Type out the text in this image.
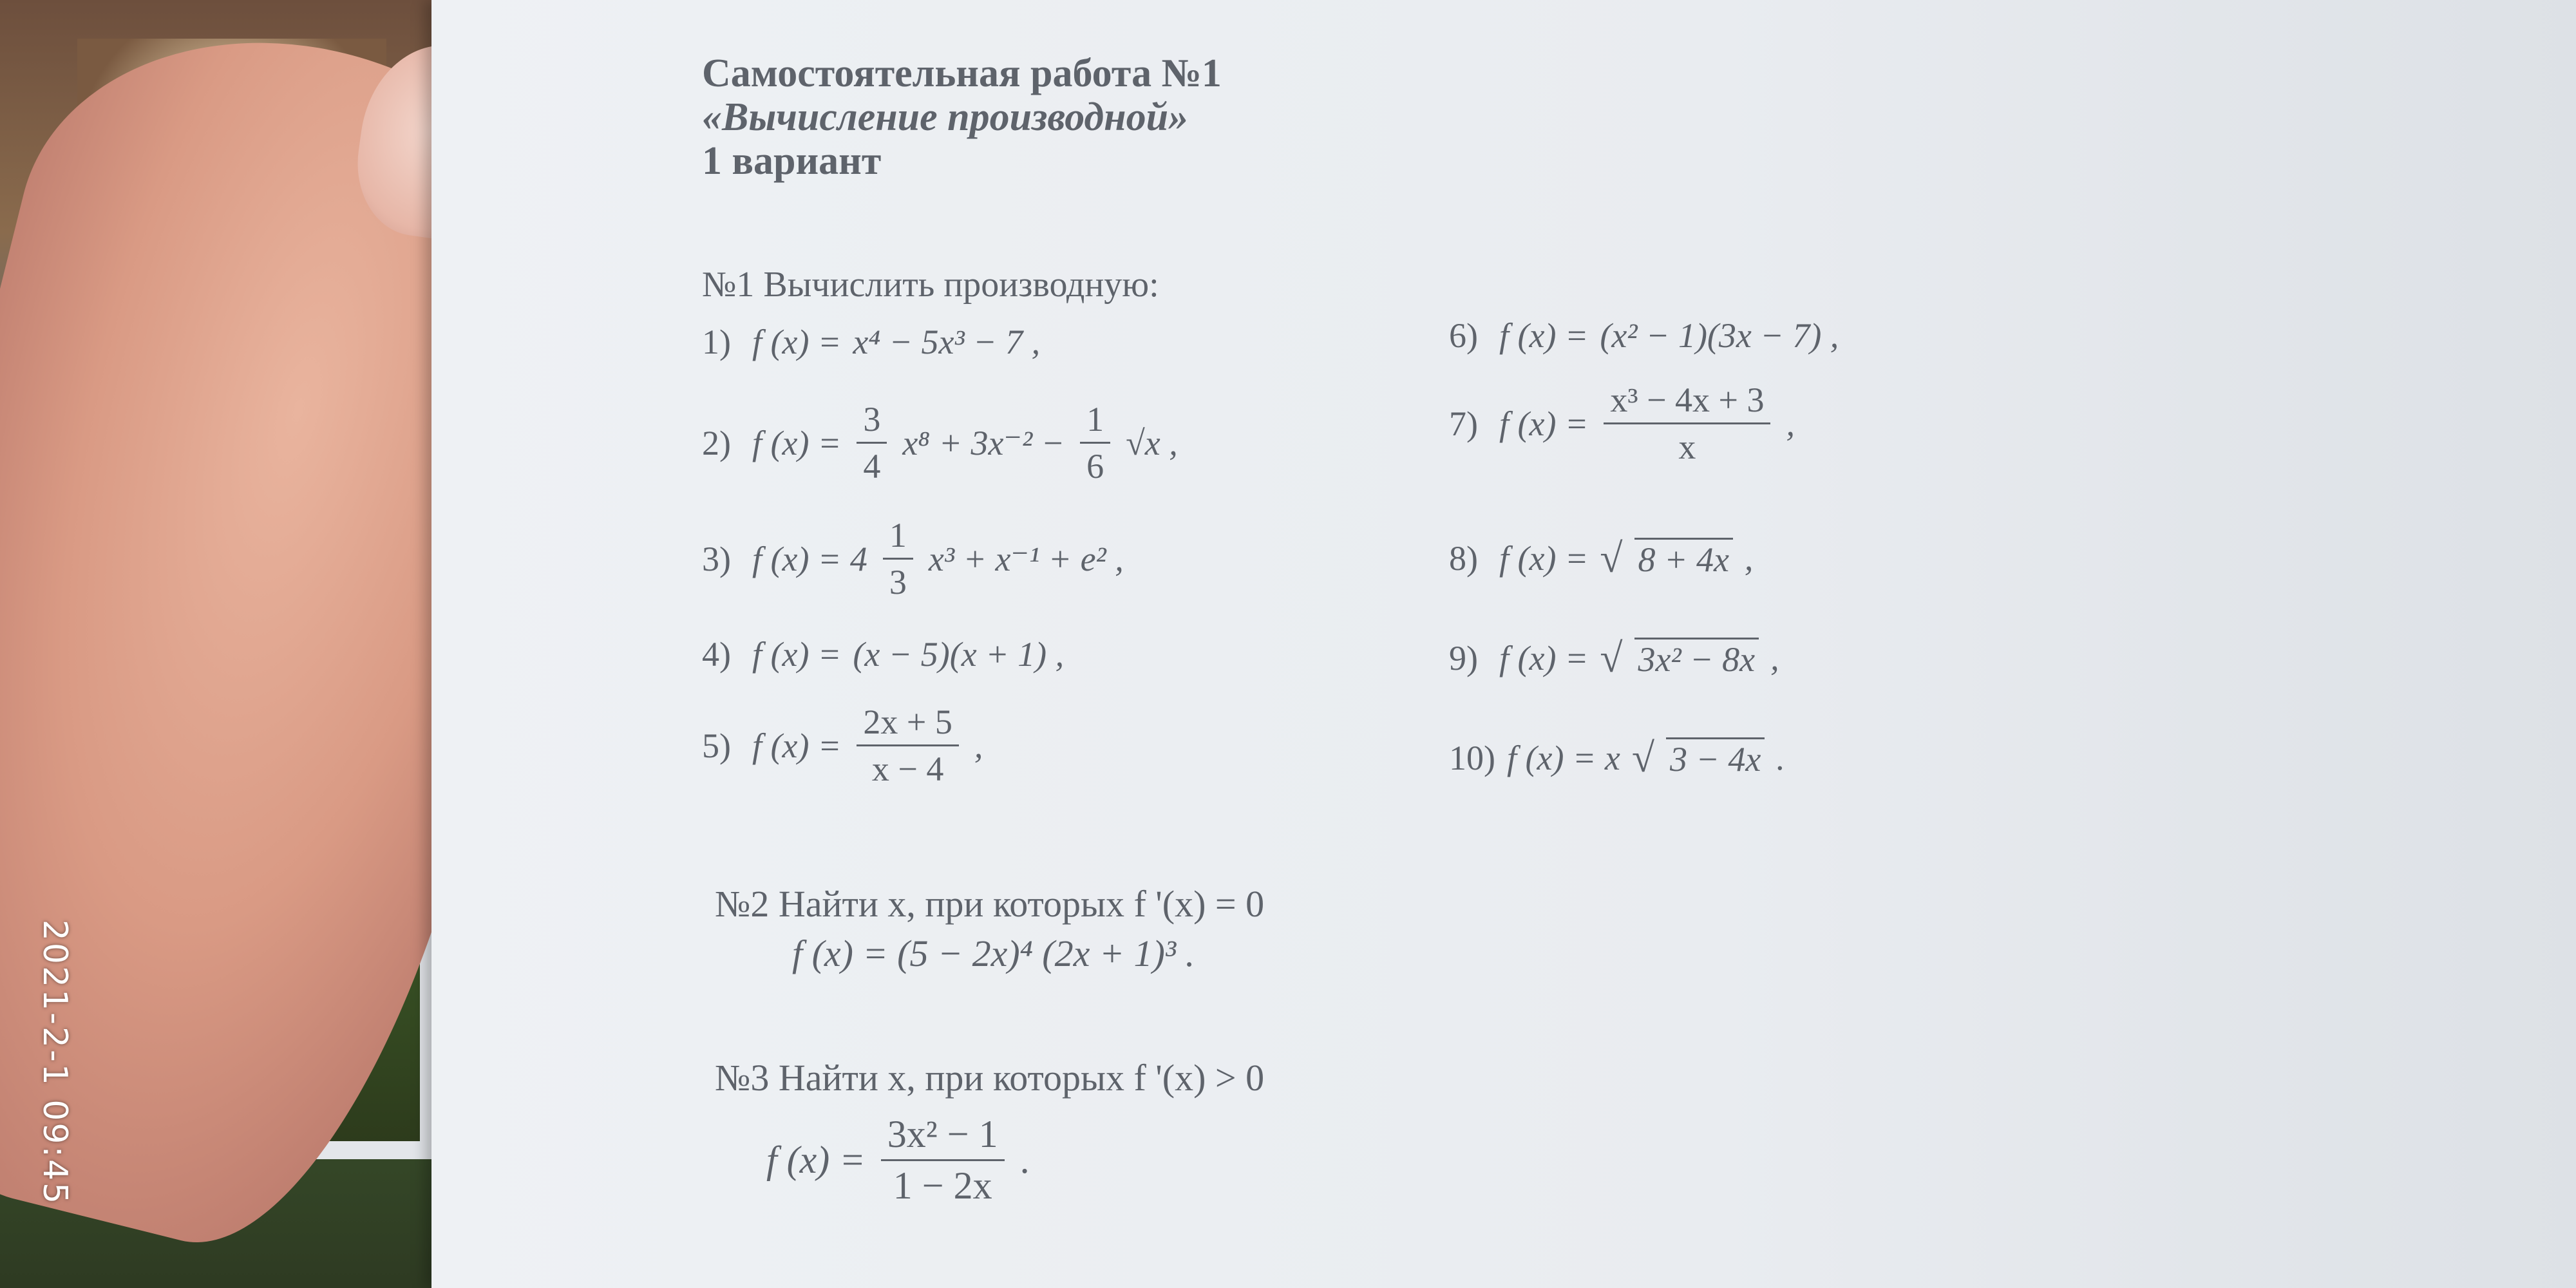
Самостоятельная работа №1

«Вычисление производной»

1 вариант

№1 Вычислить производную:
1) f (x) = x⁴ − 5x³ − 7 ,
2) f $(x) = \frac{3}{4} x^8 + 3x^{-2} - \frac{1}{6} √x$ ,
3) f $(x) = 4 \frac{1}{3} x^3 + x^{-1} + e^2$ ,
4) f (x) = (x − 5)(x + 1) ,
5) f $(x) = \frac{2x + 5}{x - 4}$ ,
6) f (x) = (x² − 1)(3x − 7) ,
7) f $(x) = \frac{\text{x³ − 4x + 3}}{x}$ ,
8) f (x) = √ 8 + 4x ,
9) f (x) = √ 3x² − 8x ,
10) f (x) = x √ 3 − 4x .
№2 Найти x, при которых f '(x) = 0
f (x) = (5 − 2x)⁴ (2x + 1)³ .
№3 Найти x, при которых f '(x) > 0
f $(x) = \frac{\text{3x² − 1}}{1 - 2x}$ .
2021-2-1 09:45
